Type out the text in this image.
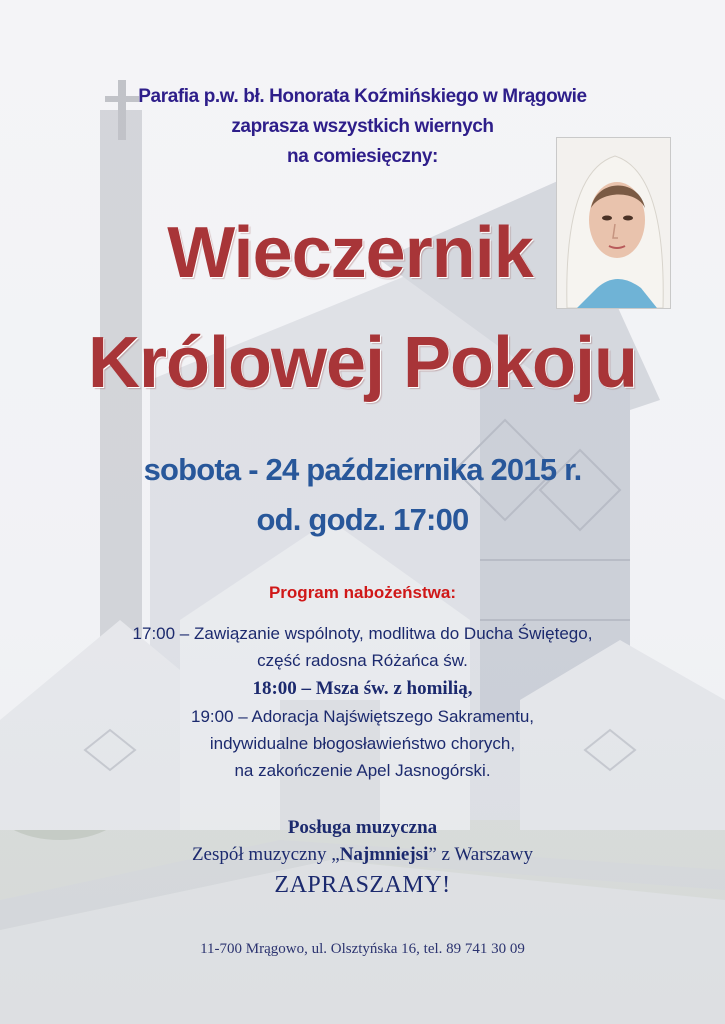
Parafia p.w. bł. Honorata Koźmińskiego w Mrągowie
zaprasza wszystkich wiernych
na comiesięczny:
Wieczernik
Królowej Pokoju
sobota - 24 października 2015 r.
od. godz. 17:00
Program nabożeństwa:
17:00 – Zawiązanie wspólnoty, modlitwa do Ducha Świętego,
część radosna Różańca św.
18:00 – Msza św. z homilią,
19:00 – Adoracja Najświętszego Sakramentu,
indywidualne błogosławieństwo chorych,
na zakończenie Apel Jasnogórski.
Posługa muzyczna
Zespół muzyczny „Najmniejsi” z Warszawy
ZAPRASZAMY!
11-700 Mrągowo, ul. Olsztyńska 16, tel. 89 741 30 09
